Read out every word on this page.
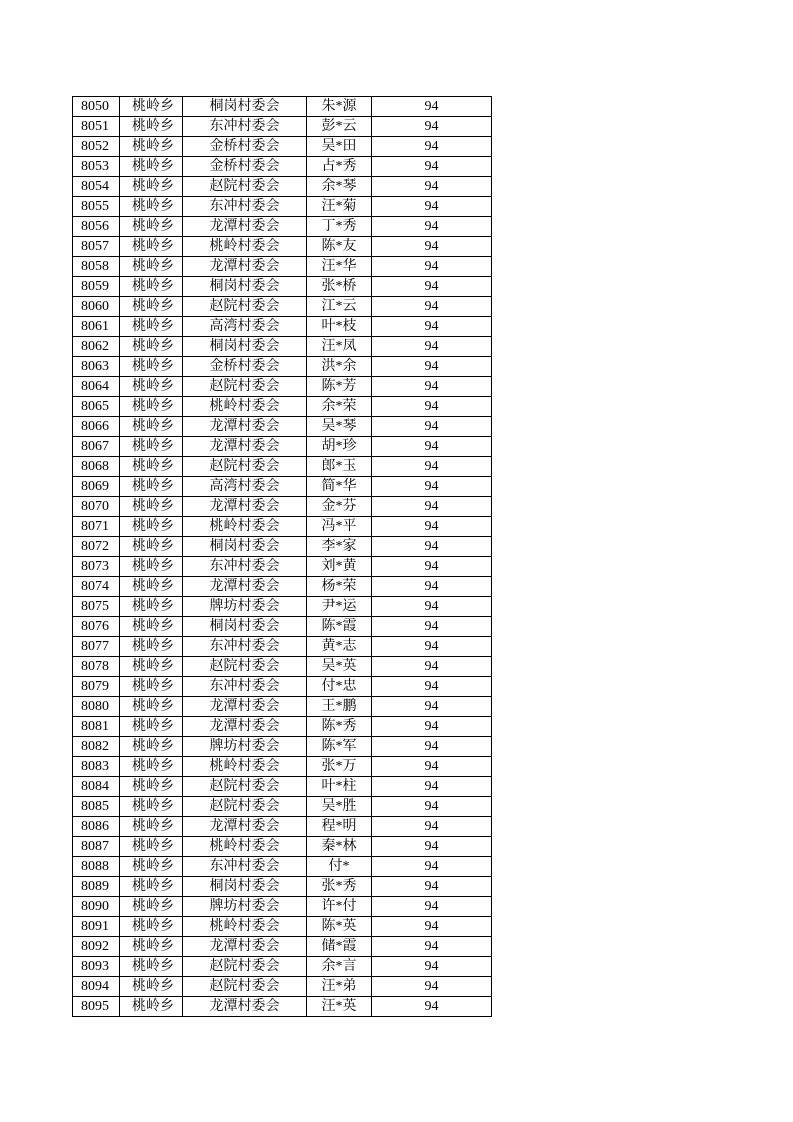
8050	桃岭乡	桐岗村委会	朱*源	94
8051	桃岭乡	东冲村委会	彭*云	94
8052	桃岭乡	金桥村委会	吴*田	94
8053	桃岭乡	金桥村委会	占*秀	94
8054	桃岭乡	赵院村委会	余*琴	94
8055	桃岭乡	东冲村委会	汪*菊	94
8056	桃岭乡	龙潭村委会	丁*秀	94
8057	桃岭乡	桃岭村委会	陈*友	94
8058	桃岭乡	龙潭村委会	汪*华	94
8059	桃岭乡	桐岗村委会	张*桥	94
8060	桃岭乡	赵院村委会	江*云	94
8061	桃岭乡	高湾村委会	叶*枝	94
8062	桃岭乡	桐岗村委会	汪*凤	94
8063	桃岭乡	金桥村委会	洪*余	94
8064	桃岭乡	赵院村委会	陈*芳	94
8065	桃岭乡	桃岭村委会	余*荣	94
8066	桃岭乡	龙潭村委会	吴*琴	94
8067	桃岭乡	龙潭村委会	胡*珍	94
8068	桃岭乡	赵院村委会	郎*玉	94
8069	桃岭乡	高湾村委会	简*华	94
8070	桃岭乡	龙潭村委会	金*芬	94
8071	桃岭乡	桃岭村委会	冯*平	94
8072	桃岭乡	桐岗村委会	李*家	94
8073	桃岭乡	东冲村委会	刘*黄	94
8074	桃岭乡	龙潭村委会	杨*荣	94
8075	桃岭乡	牌坊村委会	尹*运	94
8076	桃岭乡	桐岗村委会	陈*霞	94
8077	桃岭乡	东冲村委会	黄*志	94
8078	桃岭乡	赵院村委会	吴*英	94
8079	桃岭乡	东冲村委会	付*忠	94
8080	桃岭乡	龙潭村委会	王*鹏	94
8081	桃岭乡	龙潭村委会	陈*秀	94
8082	桃岭乡	牌坊村委会	陈*军	94
8083	桃岭乡	桃岭村委会	张*万	94
8084	桃岭乡	赵院村委会	叶*柱	94
8085	桃岭乡	赵院村委会	吴*胜	94
8086	桃岭乡	龙潭村委会	程*明	94
8087	桃岭乡	桃岭村委会	秦*林	94
8088	桃岭乡	东冲村委会	付*	94
8089	桃岭乡	桐岗村委会	张*秀	94
8090	桃岭乡	牌坊村委会	许*付	94
8091	桃岭乡	桃岭村委会	陈*英	94
8092	桃岭乡	龙潭村委会	储*霞	94
8093	桃岭乡	赵院村委会	余*言	94
8094	桃岭乡	赵院村委会	汪*弟	94
8095	桃岭乡	龙潭村委会	汪*英	94
